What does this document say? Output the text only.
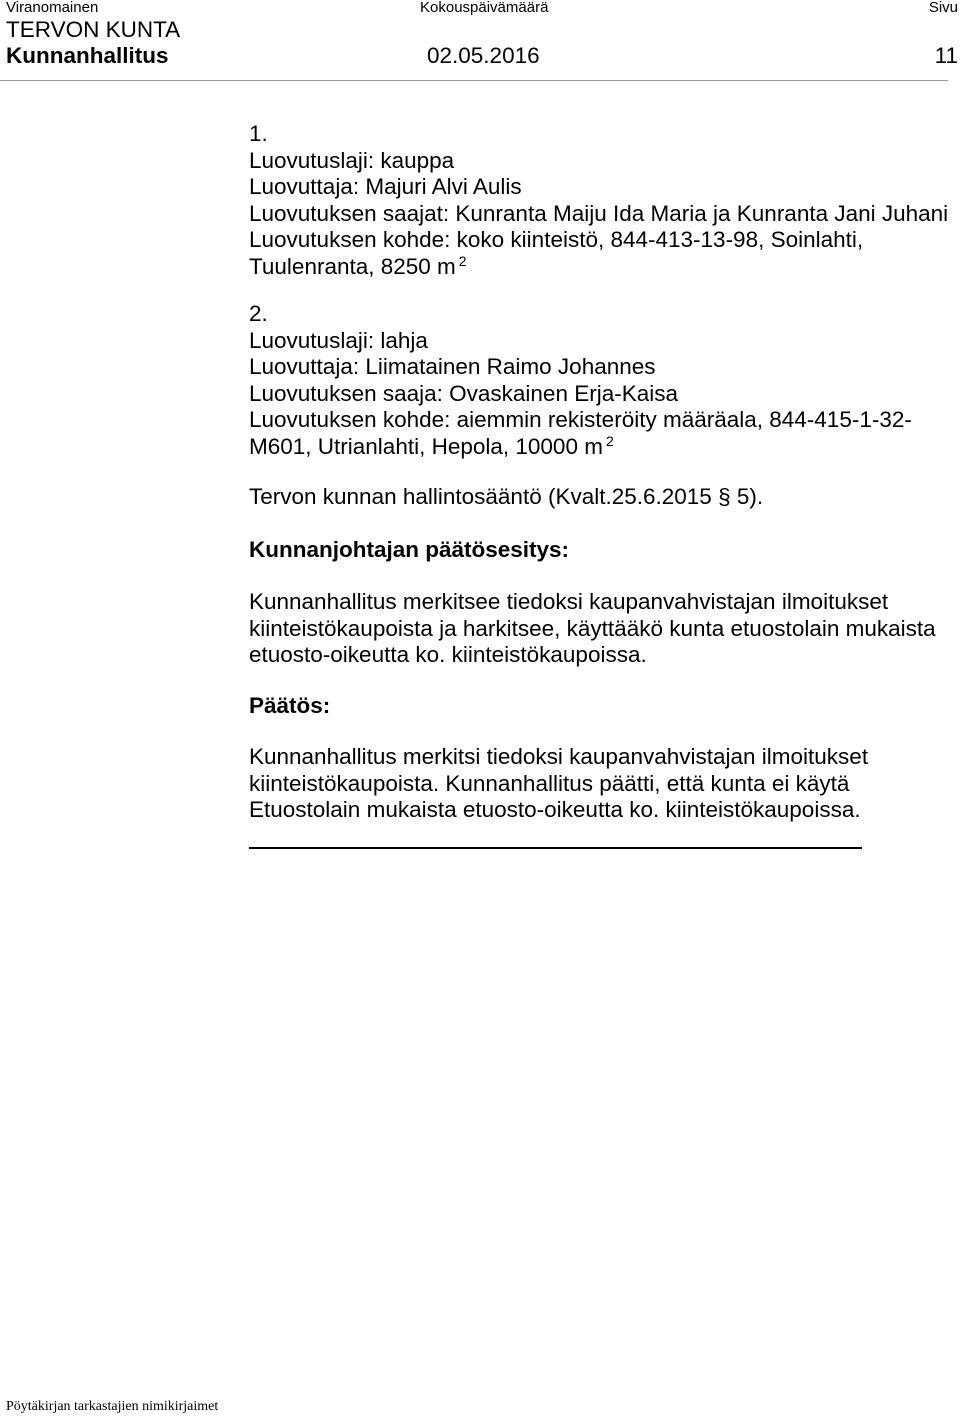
Viranomainen	Kokouspäivämäärä	Sivu
TERVON KUNTA
Kunnanhallitus	02.05.2016	11
1.
Luovutuslaji: kauppa
Luovuttaja: Majuri Alvi Aulis
Luovutuksen saajat: Kunranta Maiju Ida Maria ja Kunranta Jani Juhani
Luovutuksen kohde: koko kiinteistö, 844-413-13-98, Soinlahti,
Tuulenranta, 8250 m $^2$
2.
Luovutuslaji: lahja
Luovuttaja: Liimatainen Raimo Johannes
Luovutuksen saaja: Ovaskainen Erja-Kaisa
Luovutuksen kohde: aiemmin rekisteröity määräala, 844-415-1-32-
M601, Utrianlahti, Hepola, 10000 m $^2$
Tervon kunnan hallintosääntö (Kvalt.25.6.2015 § 5).
Kunnanjohtajan päätösesitys:
Kunnanhallitus merkitsee tiedoksi kaupanvahvistajan ilmoitukset
kiinteistökaupoista ja harkitsee, käyttääkö kunta etuostolain mukaista
etuosto-oikeutta ko. kiinteistökaupoissa.
Päätös:
Kunnanhallitus merkitsi tiedoksi kaupanvahvistajan ilmoitukset
kiinteistökaupoista. Kunnanhallitus päätti, että kunta ei käytä
Etuostolain mukaista etuosto-oikeutta ko. kiinteistökaupoissa.
Pöytäkirjan tarkastajien nimikirjaimet
